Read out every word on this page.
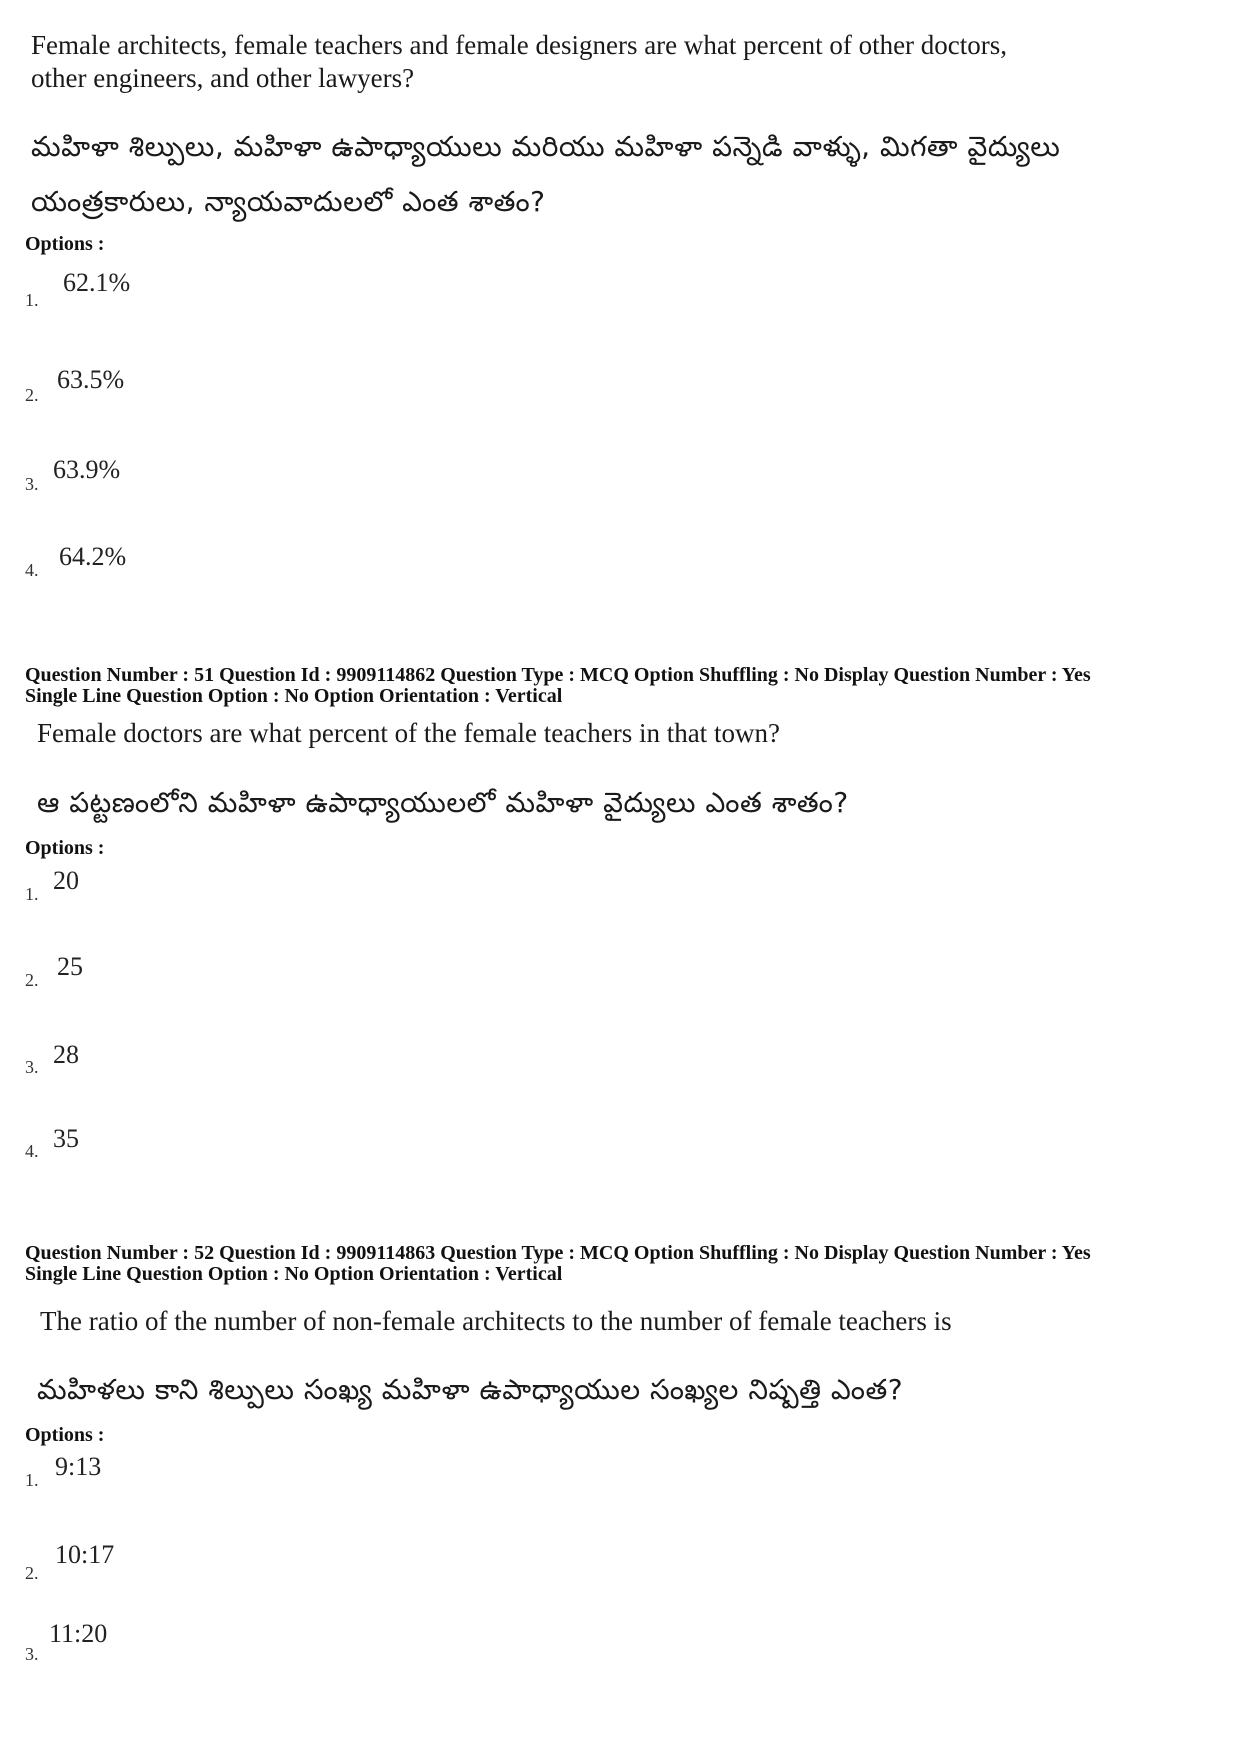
Female architects, female teachers and female designers are what percent of other doctors,
other engineers, and other lawyers?
మహిళా శిల్పులు, మహిళా ఉపాధ్యాయులు మరియు మహిళా పన్నెడి వాళ్ళు, మిగతా వైద్యులు
యంత్రకారులు, న్యాయవాదులలో ఎంత శాతం?
Options :
1.
62.1%
2.
63.5%
3. 63.9%
4. 64.2%
Question Number : 51 Question Id : 9909114862 Question Type : MCQ Option Shuffling : No Display Question Number : Yes
Single Line Question Option : No Option Orientation : Vertical
Female doctors are what percent of the female teachers in that town?
ఆ పట్టణంలోని మహిళా ఉపాధ్యాయులలో మహిళా వైద్యులు ఎంత శాతం?
Options :
1. 20
2. 25
3. 28
4. 35
Question Number : 52 Question Id : 9909114863 Question Type : MCQ Option Shuffling : No Display Question Number : Yes
Single Line Question Option : No Option Orientation : Vertical
The ratio of the number of non-female architects to the number of female teachers is
మహిళలు కాని శిల్పులు సంఖ్య మహిళా ఉపాధ్యాయుల సంఖ్యల నిష్పత్తి ఎంత?
Options :
1. 9:13
2.
10:17
3.
11:20
